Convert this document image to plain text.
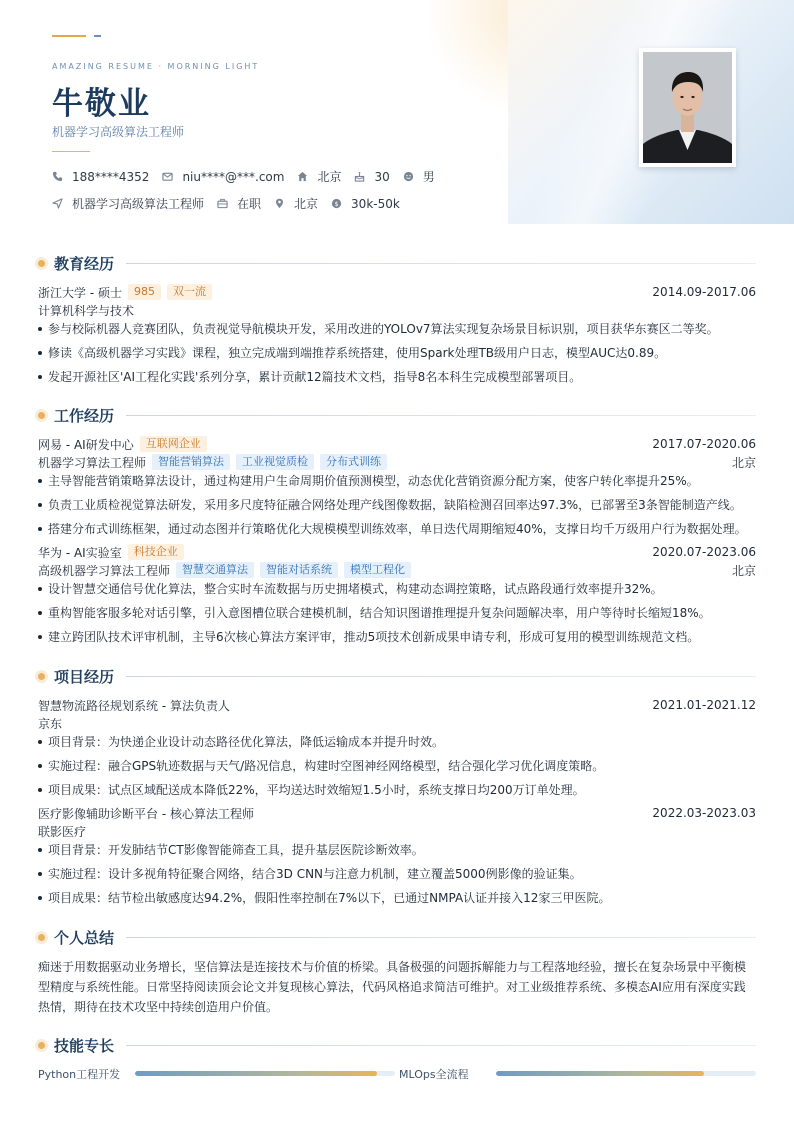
AMAZING RESUME · MORNING LIGHT
牛敬业
机器学习高级算法工程师
188****4352	niu****@***.com	北京	30	男
机器学习高级算法工程师	在职	北京 $ 30k-50k
教育经历
浙江大学 - 硕士	985	双一流	2014.09-2017.06
计算机科学与技术
参与校际机器人竞赛团队，负责视觉导航模块开发，采用改进的YOLOv7算法实现复杂场景目标识别，项目获华东赛区二等奖。
修读《高级机器学习实践》课程，独立完成端到端推荐系统搭建，使用Spark处理TB级用户日志，模型AUC达0.89。
发起开源社区'AI工程化实践'系列分享，累计贡献12篇技术文档，指导8名本科生完成模型部署项目。
工作经历
网易 - AI研发中心	互联网企业	2017.07-2020.06
机器学习算法工程师	智能营销算法	工业视觉质检	分布式训练	北京
主导智能营销策略算法设计，通过构建用户生命周期价值预测模型，动态优化营销资源分配方案，使客户转化率提升25%。
负责工业质检视觉算法研发，采用多尺度特征融合网络处理产线图像数据，缺陷检测召回率达97.3%，已部署至3条智能制造产线。
搭建分布式训练框架，通过动态图并行策略优化大规模模型训练效率，单日迭代周期缩短40%，支撑日均千万级用户行为数据处理。
华为 - AI实验室	科技企业	2020.07-2023.06
高级机器学习算法工程师	智慧交通算法	智能对话系统	模型工程化	北京
设计智慧交通信号优化算法，整合实时车流数据与历史拥堵模式，构建动态调控策略，试点路段通行效率提升32%。
重构智能客服多轮对话引擎，引入意图槽位联合建模机制，结合知识图谱推理提升复杂问题解决率，用户等待时长缩短18%。
建立跨团队技术评审机制，主导6次核心算法方案评审，推动5项技术创新成果申请专利，形成可复用的模型训练规范文档。
项目经历
智慧物流路径规划系统 - 算法负责人	2021.01-2021.12
京东
项目背景：为快递企业设计动态路径优化算法，降低运输成本并提升时效。
实施过程：融合GPS轨迹数据与天气/路况信息，构建时空图神经网络模型，结合强化学习优化调度策略。
项目成果：试点区域配送成本降低22%，平均送达时效缩短1.5小时，系统支撑日均200万订单处理。
医疗影像辅助诊断平台 - 核心算法工程师	2022.03-2023.03
联影医疗
项目背景：开发肺结节CT影像智能筛查工具，提升基层医院诊断效率。
实施过程：设计多视角特征聚合网络，结合3D CNN与注意力机制，建立覆盖5000例影像的验证集。
项目成果：结节检出敏感度达94.2%，假阳性率控制在7%以下，已通过NMPA认证并接入12家三甲医院。
个人总结
痴迷于用数据驱动业务增长，坚信算法是连接技术与价值的桥梁。具备极强的问题拆解能力与工程落地经验，擅长在复杂场景中平衡模型精度与系统性能。日常坚持阅读顶会论文并复现核心算法，代码风格追求简洁可维护。对工业级推荐系统、多模态AI应用有深度实践热情，期待在技术攻坚中持续创造用户价值。
技能专长
Python工程开发	MLOps全流程
